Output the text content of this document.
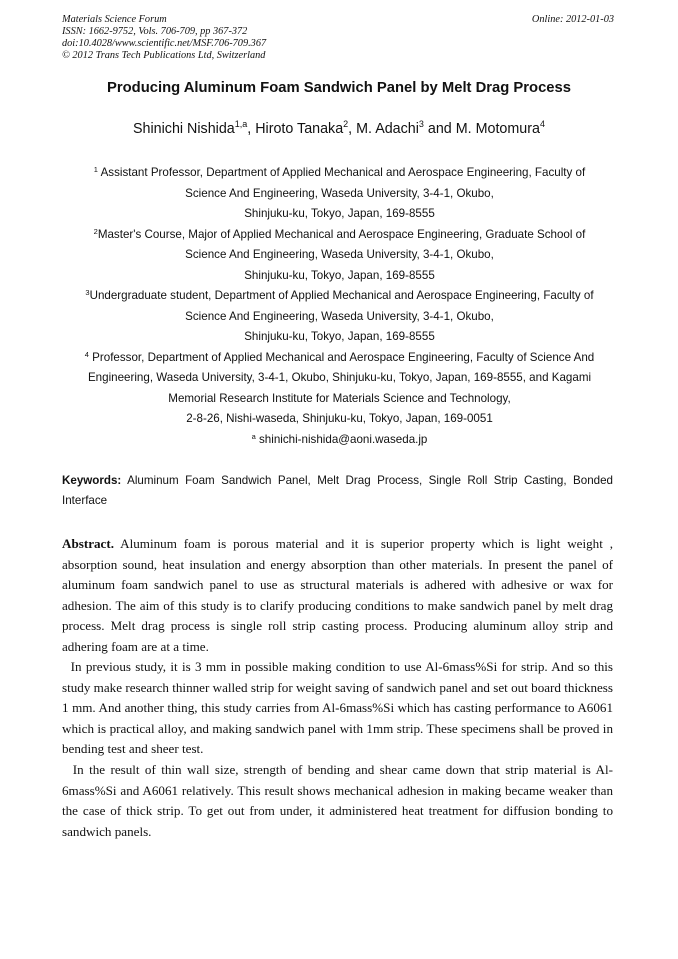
Materials Science Forum
ISSN: 1662-9752, Vols. 706-709, pp 367-372
doi:10.4028/www.scientific.net/MSF.706-709.367
© 2012 Trans Tech Publications Ltd, Switzerland
Online: 2012-01-03
Producing Aluminum Foam Sandwich Panel by Melt Drag Process
Shinichi Nishida$^{1,a}$, Hiroto Tanaka$^2$, M. Adachi$^3$ and M. Motomura$^4$

$^1$ Assistant Professor, Department of Applied Mechanical and Aerospace Engineering, Faculty of

Science And Engineering, Waseda University, 3-4-1, Okubo,

Shinjuku-ku, Tokyo, Japan, 169-8555

$^2$Master's Course, Major of Applied Mechanical and Aerospace Engineering, Graduate School of

Science And Engineering, Waseda University, 3-4-1, Okubo,

Shinjuku-ku, Tokyo, Japan, 169-8555

$^3$Undergraduate student, Department of Applied Mechanical and Aerospace Engineering, Faculty of

Science And Engineering, Waseda University, 3-4-1, Okubo,

Shinjuku-ku, Tokyo, Japan, 169-8555

$^4$ Professor, Department of Applied Mechanical and Aerospace Engineering, Faculty of Science And

Engineering, Waseda University, 3-4-1, Okubo, Shinjuku-ku, Tokyo, Japan, 169-8555, and Kagami

Memorial Research Institute for Materials Science and Technology,

2-8-26, Nishi-waseda, Shinjuku-ku, Tokyo, Japan, 169-0051

$^a$ shinichi-nishida@aoni.waseda.jp

Keywords: Aluminum Foam Sandwich Panel, Melt Drag Process, Single Roll Strip Casting, Bonded Interface

Abstract. Aluminum foam is porous material and it is superior property which is light weight , absorption sound, heat insulation and energy absorption than other materials. In present the panel of aluminum foam sandwich panel to use as structural materials is adhered with adhesive or wax for adhesion. The aim of this study is to clarify producing conditions to make sandwich panel by melt drag process. Melt drag process is single roll strip casting process. Producing aluminum alloy strip and adhering foam are at a time.

In previous study, it is 3 mm in possible making condition to use Al-6mass%Si for strip. And so this study make research thinner walled strip for weight saving of sandwich panel and set out board thickness 1 mm. And another thing, this study carries from Al-6mass%Si which has casting performance to A6061 which is practical alloy, and making sandwich panel with 1mm strip. These specimens shall be proved in bending test and sheer test.

In the result of thin wall size, strength of bending and shear came down that strip material is Al-6mass%Si and A6061 relatively. This result shows mechanical adhesion in making became weaker than the case of thick strip. To get out from under, it administered heat treatment for diffusion bonding to sandwich panels.
